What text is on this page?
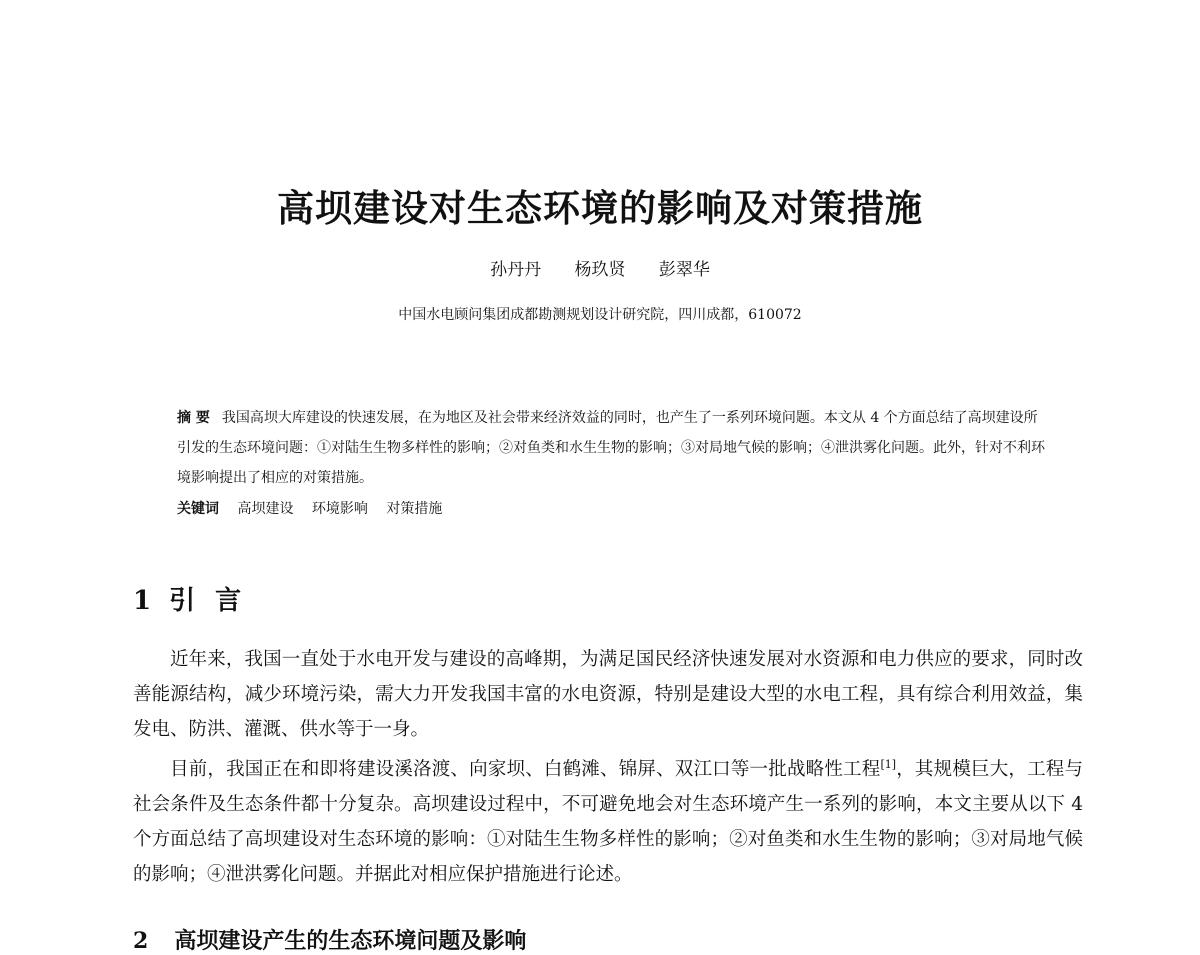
高坝建设对生态环境的影响及对策措施

孙丹丹 杨玖贤 彭翠华

中国水电顾问集团成都勘测规划设计研究院，四川成都，610072

摘 要 我国高坝大库建设的快速发展，在为地区及社会带来经济效益的同时，也产生了一系列环境问题。本文从 4 个方面总结了高坝建设所引发的生态环境问题：①对陆生生物多样性的影响；②对鱼类和水生生物的影响；③对局地气候的影响；④泄洪雾化问题。此外，针对不利环境影响提出了相应的对策措施。

关键词 高坝建设 环境影响 对策措施

1 引言

近年来，我国一直处于水电开发与建设的高峰期，为满足国民经济快速发展对水资源和电力供应的要求，同时改善能源结构，减少环境污染，需大力开发我国丰富的水电资源，特别是建设大型的水电工程，具有综合利用效益，集发电、防洪、灌溉、供水等于一身。

目前，我国正在和即将建设溪洛渡、向家坝、白鹤滩、锦屏、双江口等一批战略性工程[1]，其规模巨大，工程与社会条件及生态条件都十分复杂。高坝建设过程中，不可避免地会对生态环境产生一系列的影响，本文主要从以下 4 个方面总结了高坝建设对生态环境的影响：①对陆生生物多样性的影响；②对鱼类和水生生物的影响；③对局地气候的影响；④泄洪雾化问题。并据此对相应保护措施进行论述。

2 高坝建设产生的生态环境问题及影响
